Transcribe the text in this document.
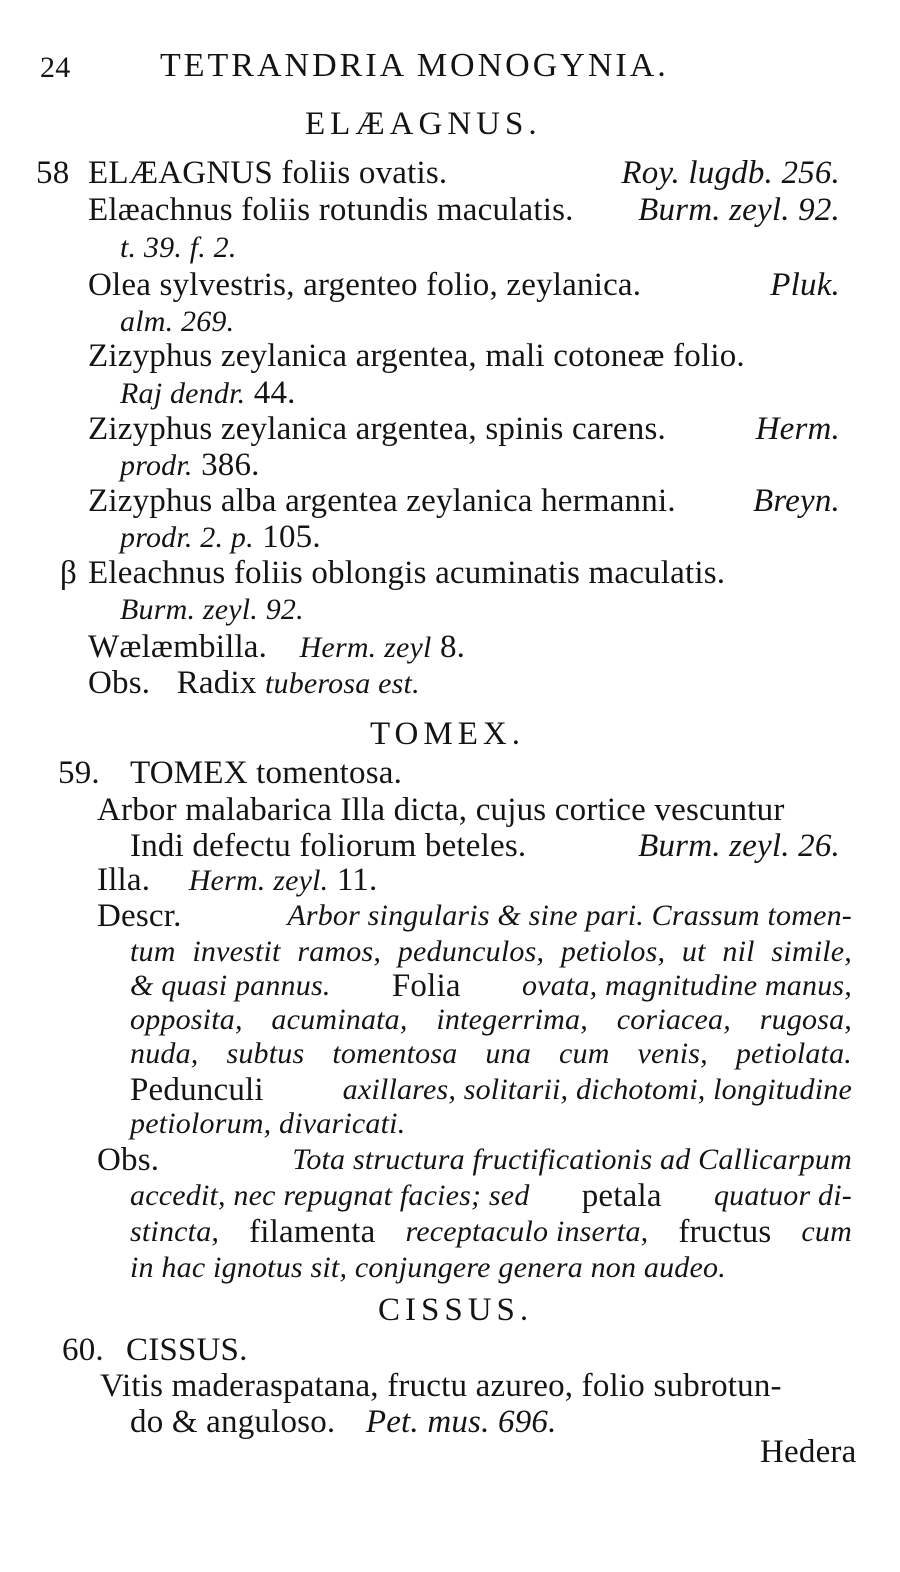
24	TETRANDRIA MONOGYNIA.
ELÆAGNUS.
58 ELÆAGNUS foliis ovatis.	Roy. lugdb. 256.
Elæachnus foliis rotundis maculatis. Burm. zeyl. 92.
t. 39. f. 2.
Olea sylvestris, argenteo folio, zeylanica.	Pluk.
alm. 269.
Zizyphus zeylanica argentea, mali cotoneæ folio.
Raj dendr. 44.
Zizyphus zeylanica argentea, spinis carens.	Herm.
prodr. 386.
Zizyphus alba argentea zeylanica hermanni. Breyn.
prodr. 2. p. 105.
β Eleachnus foliis oblongis acuminatis maculatis.
Burm. zeyl. 92.
Wælæmbilla. Herm. zeyl 8.
Obs. Radix tuberosa est.
TOMEX.
59. TOMEX tomentosa.
Arbor malabarica Illa dicta, cujus cortice vescuntur
Indi defectu foliorum beteles.	Burm. zeyl. 26.
Illa. Herm. zeyl. 11.
Descr.	Arbor singularis & sine pari. Crassum tomen-
tum investit ramos, pedunculos, petiolos, ut nil simile,
& quasi pannus. Folia ovata, magnitudine manus,
opposita, acuminata, integerrima, coriacea, rugosa,
nuda, subtus tomentosa una cum venis, petiolata.
Pedunculi	axillares, solitarii, dichotomi, longitudine
petiolorum, divaricati.
Obs.	Tota structura fructificationis ad Callicarpum
accedit, nec repugnat facies; sed petala quatuor di-
stincta, filamenta receptaculo inserta, fructus cum
in hac ignotus sit, conjungere genera non audeo.
CISSUS.
60. CISSUS.
Vitis maderaspatana, fructu azureo, folio subrotun-
do & anguloso. Pet. mus. 696.
Hedera
